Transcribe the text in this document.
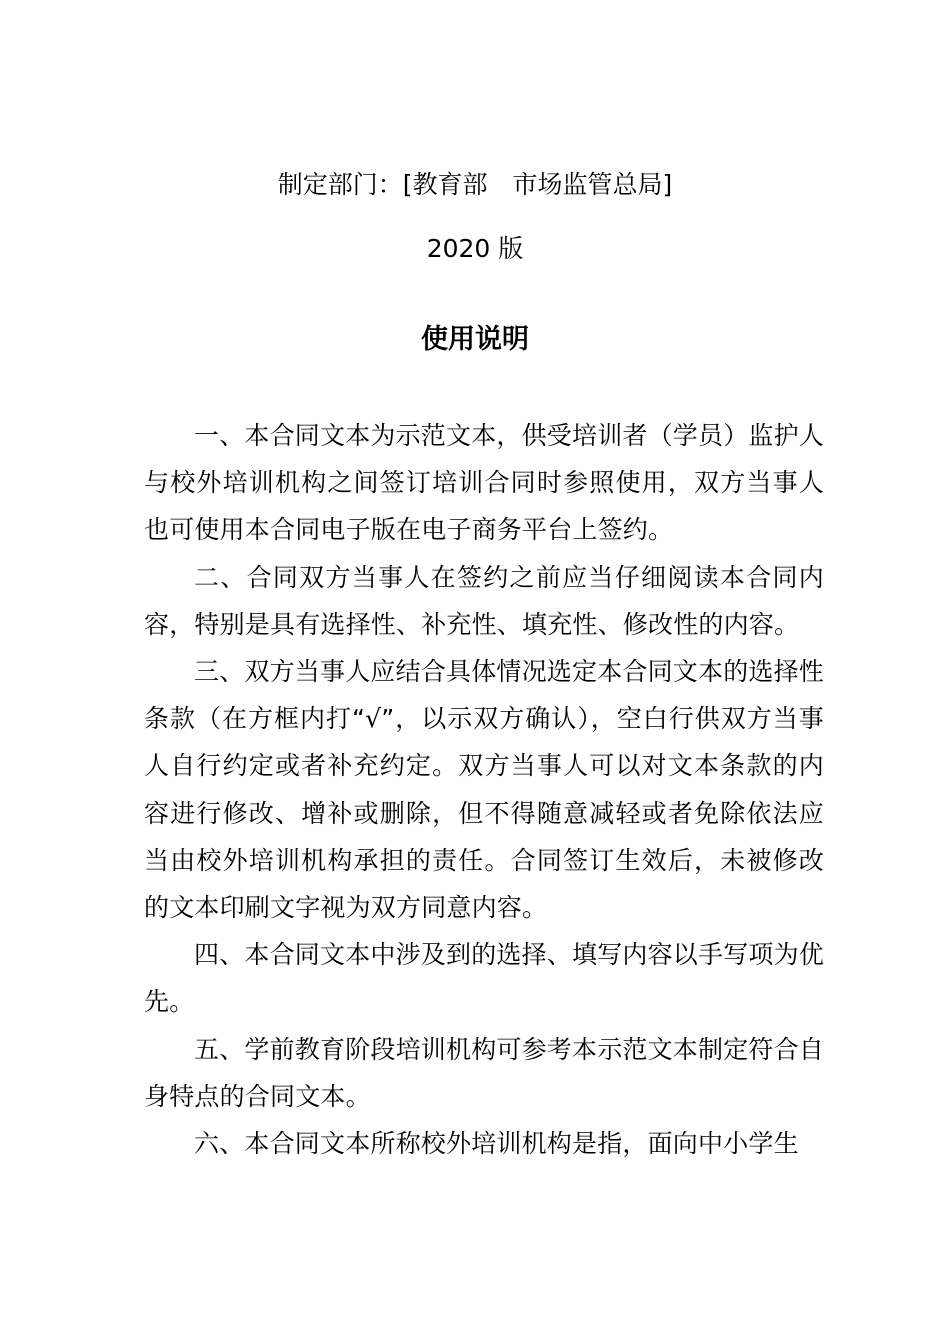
制定部门：[教育部　市场监管总局]
2020 版
使用说明

一、本合同文本为示范文本，供受培训者（学员）监护人与校外培训机构之间签订培训合同时参照使用，双方当事人也可使用本合同电子版在电子商务平台上签约。

二、合同双方当事人在签约之前应当仔细阅读本合同内容，特别是具有选择性、补充性、填充性、修改性的内容。

三、双方当事人应结合具体情况选定本合同文本的选择性条款（在方框内打“√”，以示双方确认），空白行供双方当事人自行约定或者补充约定。双方当事人可以对文本条款的内容进行修改、增补或删除，但不得随意减轻或者免除依法应当由校外培训机构承担的责任。合同签订生效后，未被修改的文本印刷文字视为双方同意内容。

四、本合同文本中涉及到的选择、填写内容以手写项为优先。

五、学前教育阶段培训机构可参考本示范文本制定符合自身特点的合同文本。

六、本合同文本所称校外培训机构是指，面向中小学生
